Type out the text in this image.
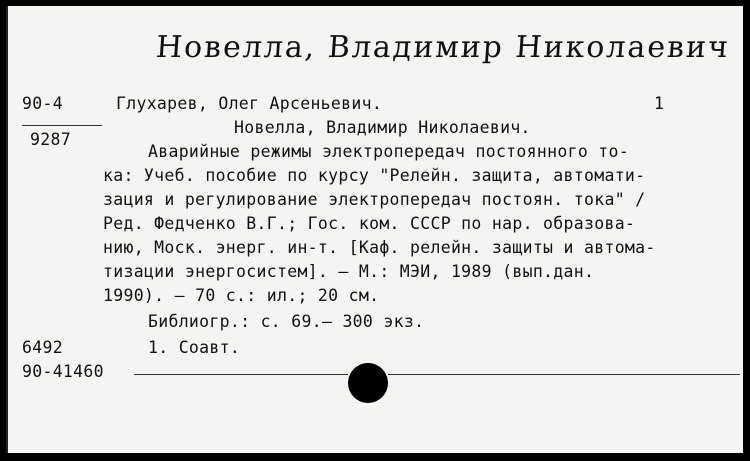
Новелла, Владимир Николаевич
90-4
9287
Глухарев, Олег Арсеньевич.	1
Новелла, Владимир Николаевич.
Аварийные режимы электропередач постоянного то-
ка: Учеб. пособие по курсу "Релейн. защита, автомати-
зация и регулирование электропередач постоян. тока" /
Ред. Федченко В.Г.; Гос. ком. СССР по нар. образова-
нию, Моск. энерг. ин-т. [Каф. релейн. защиты и автома-
тизации энергосистем]. – М.: МЭИ, 1989 (вып.дан.
1990). – 70 с.: ил.; 20 см.
Библиогр.: с. 69.– 300 экз.
6492	1. Соавт.
90-41460
